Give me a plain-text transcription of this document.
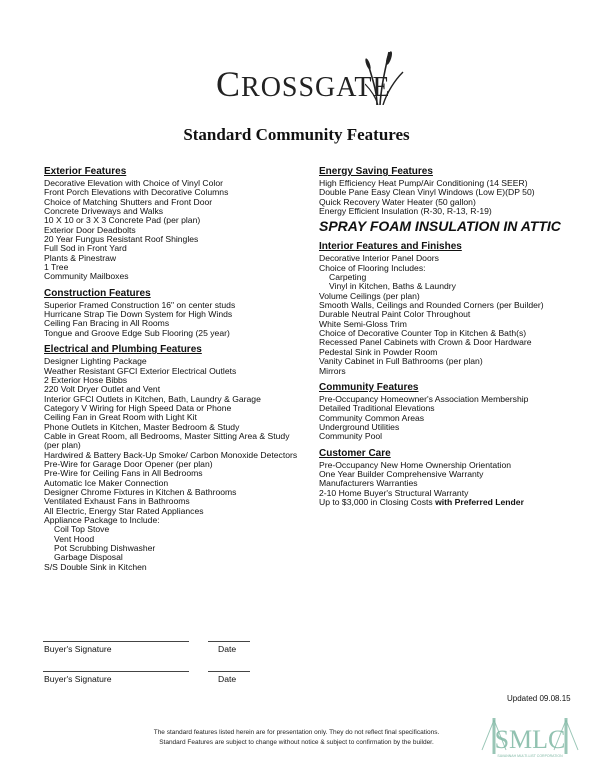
CROSSGATE
Standard Community Features
Exterior Features
Decorative Elevation with Choice of Vinyl Color
Front Porch Elevations with Decorative Columns
Choice of Matching Shutters and Front Door
Concrete Driveways and Walks
10 X 10 or 3 X 3 Concrete Pad (per plan)
Exterior Door Deadbolts
20 Year Fungus Resistant Roof Shingles
Full Sod in Front Yard
Plants & Pinestraw
1 Tree
Community Mailboxes
Construction Features
Superior Framed Construction 16" on center studs
Hurricane Strap Tie Down System for High Winds
Ceiling Fan Bracing in All Rooms
Tongue and Groove Edge Sub Flooring (25 year)
Electrical and Plumbing Features
Designer Lighting Package
Weather Resistant GFCI Exterior Electrical Outlets
2 Exterior Hose Bibbs
220 Volt Dryer Outlet and Vent
Interior GFCI Outlets in Kitchen, Bath, Laundry & Garage
Category V Wiring for High Speed Data or Phone
Ceiling Fan in Great Room with Light Kit
Phone Outlets in Kitchen, Master Bedroom & Study
Cable in Great Room, all Bedrooms, Master Sitting Area & Study
(per plan)
Hardwired & Battery Back-Up Smoke/ Carbon Monoxide Detectors
Pre-Wire for Garage Door Opener (per plan)
Pre-Wire for Ceiling Fans in All Bedrooms
Automatic Ice Maker Connection
Designer Chrome Fixtures in Kitchen & Bathrooms
Ventilated Exhaust Fans in Bathrooms
All Electric, Energy Star Rated Appliances
Appliance Package to Include:
Coil Top Stove
Vent Hood
Pot Scrubbing Dishwasher
Garbage Disposal
S/S Double Sink in Kitchen
Energy Saving Features
High Efficiency Heat Pump/Air Conditioning (14 SEER)
Double Pane Easy Clean Vinyl Windows (Low E)(DP 50)
Quick Recovery Water Heater (50 gallon)
Energy Efficient Insulation (R-30, R-13, R-19)
SPRAY FOAM INSULATION IN ATTIC
Interior Features and Finishes
Decorative Interior Panel Doors
Choice of Flooring Includes:
Carpeting
Vinyl in Kitchen, Baths & Laundry
Volume Ceilings (per plan)
Smooth Walls, Ceilings and Rounded Corners (per Builder)
Durable Neutral Paint Color Throughout
White Semi-Gloss Trim
Choice of Decorative Counter Top in Kitchen & Bath(s)
Recessed Panel Cabinets with Crown & Door Hardware
Pedestal Sink in Powder Room
Vanity Cabinet in Full Bathrooms (per plan)
Mirrors
Community Features
Pre-Occupancy Homeowner's Association Membership
Detailed Traditional Elevations
Community Common Areas
Underground Utilities
Community Pool
Customer Care
Pre-Occupancy New Home Ownership Orientation
One Year Builder Comprehensive Warranty
Manufacturers Warranties
2-10 Home Buyer's Structural Warranty
Up to $3,000 in Closing Costs with Preferred Lender
Buyer's Signature	Date
Buyer's Signature	Date
Updated 09.08.15
The standard features listed herein are for presentation only. They do not reflect final specifications.
Standard Features are subject to change without notice & subject to confirmation by the builder.	SMLC
SAVANNAH MULTI-LIST CORPORATION
